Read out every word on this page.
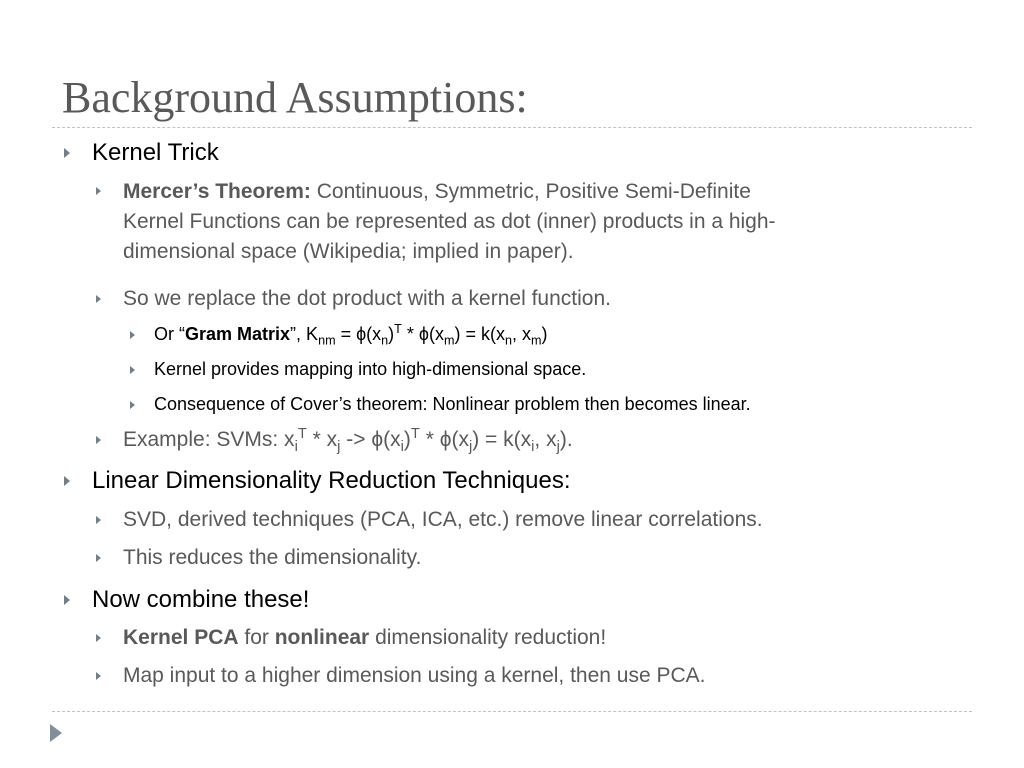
Background Assumptions:
Kernel Trick
Mercer’s Theorem: Continuous, Symmetric, Positive Semi-Definite
Kernel Functions can be represented as dot (inner) products in a high-
dimensional space (Wikipedia; implied in paper).
So we replace the dot product with a kernel function.
Or “Gram Matrix”, $K_{nm} = \phi(x_n)^T * \phi(x_m) = k(x_n$, $x_m$)
Kernel provides mapping into high-dimensional space.
Consequence of Cover’s theorem: Nonlinear problem then becomes linear.
Example: SVMs: $x_i^T * x_j -> \phi(x_i)^T * \phi(x_j) = k(x_i$, $x_j$).
Linear Dimensionality Reduction Techniques:
SVD, derived techniques (PCA, ICA, etc.) remove linear correlations.
This reduces the dimensionality.
Now combine these!
Kernel PCA for nonlinear dimensionality reduction!
Map input to a higher dimension using a kernel, then use PCA.
